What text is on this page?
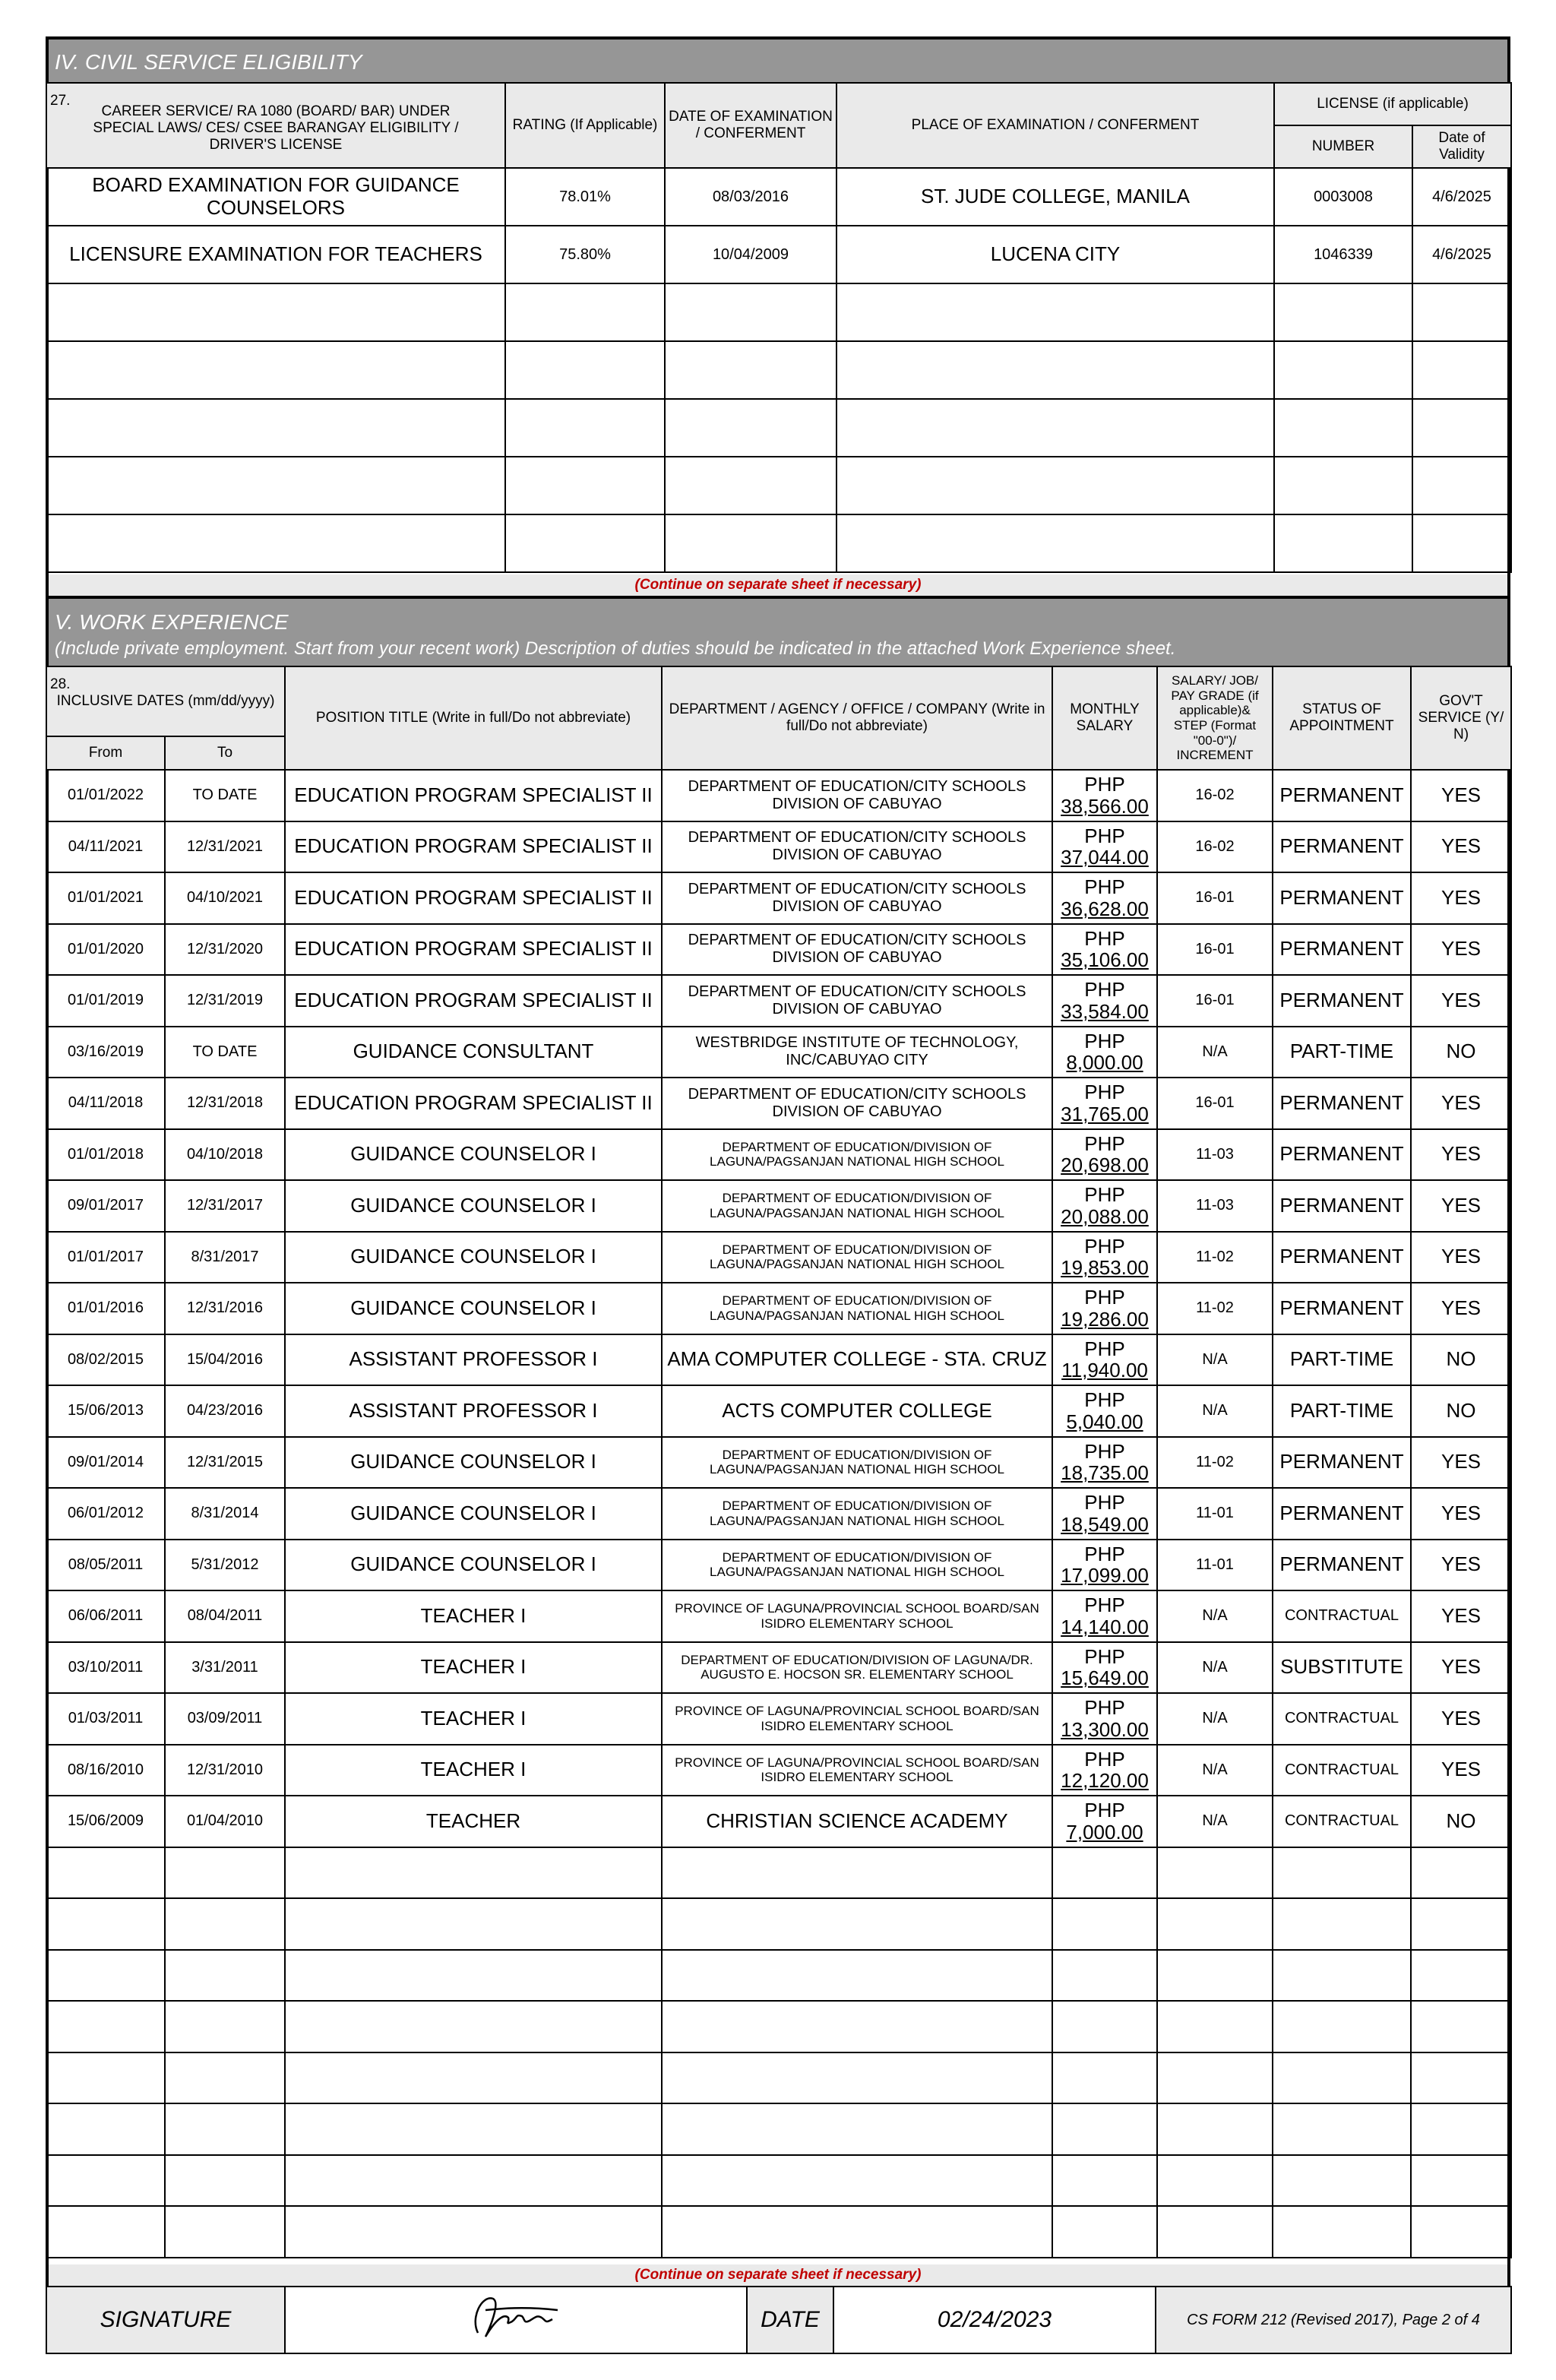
IV. CIVIL SERVICE ELIGIBILITY
27.
CAREER SERVICE/ RA 1080 (BOARD/ BAR) UNDER SPECIAL LAWS/ CES/ CSEE BARANGAY ELIGIBILITY / DRIVER'S LICENSE	RATING (If Applicable)	DATE OF EXAMINATION / CONFERMENT	PLACE OF EXAMINATION / CONFERMENT	LICENSE (if applicable)	
				NUMBER	Date of Validity
BOARD EXAMINATION FOR GUIDANCE COUNSELORS	78.01%	08/03/2016	ST. JUDE COLLEGE, MANILA	0003008	4/6/2025
LICENSURE EXAMINATION FOR TEACHERS	75.80%	10/04/2009	LUCENA CITY	1046339	4/6/2025

(Continue on separate sheet if necessary)
V. WORK EXPERIENCE
(Include private employment. Start from your recent work) Description of duties should be indicated in the attached Work Experience sheet.
28.
INCLUSIVE DATES (mm/dd/yyyy)		POSITION TITLE (Write in full/Do not abbreviate)	DEPARTMENT / AGENCY / OFFICE / COMPANY (Write in full/Do not abbreviate)	MONTHLY SALARY	SALARY/ JOB/ PAY GRADE (if applicable)& STEP (Format "00-0")/ INCREMENT	STATUS OF APPOINTMENT	GOV'T SERVICE (Y/ N)
From	To						
01/01/2022	TO DATE	EDUCATION PROGRAM SPECIALIST II	DEPARTMENT OF EDUCATION/CITY SCHOOLS DIVISION OF CABUYAO	PHP
38,566.00	16-02	PERMANENT	YES
04/11/2021	12/31/2021	EDUCATION PROGRAM SPECIALIST II	DEPARTMENT OF EDUCATION/CITY SCHOOLS DIVISION OF CABUYAO	PHP
37,044.00	16-02	PERMANENT	YES
01/01/2021	04/10/2021	EDUCATION PROGRAM SPECIALIST II	DEPARTMENT OF EDUCATION/CITY SCHOOLS DIVISION OF CABUYAO	PHP
36,628.00	16-01	PERMANENT	YES
01/01/2020	12/31/2020	EDUCATION PROGRAM SPECIALIST II	DEPARTMENT OF EDUCATION/CITY SCHOOLS DIVISION OF CABUYAO	PHP
35,106.00	16-01	PERMANENT	YES
01/01/2019	12/31/2019	EDUCATION PROGRAM SPECIALIST II	DEPARTMENT OF EDUCATION/CITY SCHOOLS DIVISION OF CABUYAO	PHP
33,584.00	16-01	PERMANENT	YES
03/16/2019	TO DATE	GUIDANCE CONSULTANT	WESTBRIDGE INSTITUTE OF TECHNOLOGY, INC/CABUYAO CITY	PHP
8,000.00	N/A	PART-TIME	NO
04/11/2018	12/31/2018	EDUCATION PROGRAM SPECIALIST II	DEPARTMENT OF EDUCATION/CITY SCHOOLS DIVISION OF CABUYAO	PHP
31,765.00	16-01	PERMANENT	YES
01/01/2018	04/10/2018	GUIDANCE COUNSELOR I	DEPARTMENT OF EDUCATION/DIVISION OF LAGUNA/PAGSANJAN NATIONAL HIGH SCHOOL	PHP
20,698.00	11-03	PERMANENT	YES
09/01/2017	12/31/2017	GUIDANCE COUNSELOR I	DEPARTMENT OF EDUCATION/DIVISION OF LAGUNA/PAGSANJAN NATIONAL HIGH SCHOOL	PHP
20,088.00	11-03	PERMANENT	YES
01/01/2017	8/31/2017	GUIDANCE COUNSELOR I	DEPARTMENT OF EDUCATION/DIVISION OF LAGUNA/PAGSANJAN NATIONAL HIGH SCHOOL	PHP
19,853.00	11-02	PERMANENT	YES
01/01/2016	12/31/2016	GUIDANCE COUNSELOR I	DEPARTMENT OF EDUCATION/DIVISION OF LAGUNA/PAGSANJAN NATIONAL HIGH SCHOOL	PHP
19,286.00	11-02	PERMANENT	YES
08/02/2015	15/04/2016	ASSISTANT PROFESSOR I	AMA COMPUTER COLLEGE - STA. CRUZ	PHP
11,940.00	N/A	PART-TIME	NO
15/06/2013	04/23/2016	ASSISTANT PROFESSOR I	ACTS COMPUTER COLLEGE	PHP
5,040.00	N/A	PART-TIME	NO
09/01/2014	12/31/2015	GUIDANCE COUNSELOR I	DEPARTMENT OF EDUCATION/DIVISION OF LAGUNA/PAGSANJAN NATIONAL HIGH SCHOOL	PHP
18,735.00	11-02	PERMANENT	YES
06/01/2012	8/31/2014	GUIDANCE COUNSELOR I	DEPARTMENT OF EDUCATION/DIVISION OF LAGUNA/PAGSANJAN NATIONAL HIGH SCHOOL	PHP
18,549.00	11-01	PERMANENT	YES
08/05/2011	5/31/2012	GUIDANCE COUNSELOR I	DEPARTMENT OF EDUCATION/DIVISION OF LAGUNA/PAGSANJAN NATIONAL HIGH SCHOOL	PHP
17,099.00	11-01	PERMANENT	YES
06/06/2011	08/04/2011	TEACHER I	PROVINCE OF LAGUNA/PROVINCIAL SCHOOL BOARD/SAN ISIDRO ELEMENTARY SCHOOL	PHP
14,140.00	N/A	CONTRACTUAL	YES
03/10/2011	3/31/2011	TEACHER I	DEPARTMENT OF EDUCATION/DIVISION OF LAGUNA/DR. AUGUSTO E. HOCSON SR. ELEMENTARY SCHOOL	PHP
15,649.00	N/A	SUBSTITUTE	YES
01/03/2011	03/09/2011	TEACHER I	PROVINCE OF LAGUNA/PROVINCIAL SCHOOL BOARD/SAN ISIDRO ELEMENTARY SCHOOL	PHP
13,300.00	N/A	CONTRACTUAL	YES
08/16/2010	12/31/2010	TEACHER I	PROVINCE OF LAGUNA/PROVINCIAL SCHOOL BOARD/SAN ISIDRO ELEMENTARY SCHOOL	PHP
12,120.00	N/A	CONTRACTUAL	YES
15/06/2009	01/04/2010	TEACHER	CHRISTIAN SCIENCE ACADEMY	PHP
7,000.00	N/A	CONTRACTUAL	NO

(Continue on separate sheet if necessary)
SIGNATURE		DATE	02/24/2023	CS FORM 212 (Revised 2017), Page 2 of 4
